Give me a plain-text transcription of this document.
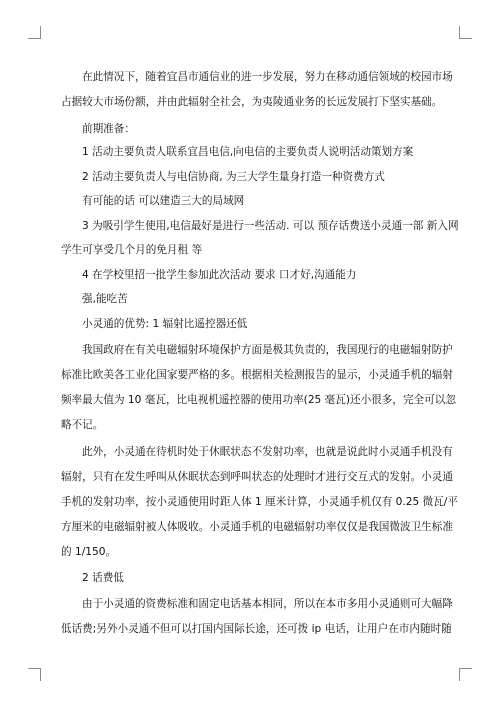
在此情况下，随着宜昌市通信业的进一步发展，努力在移动通信领域的校园市场
占据较大市场份额，并由此辐射全社会，为夷陵通业务的长远发展打下坚实基础。
前期准备：
1 活动主要负责人联系宜昌电信,向电信的主要负责人说明活动策划方案
2 活动主要负责人与电信协商, 为三大学生量身打造一种资费方式
有可能的话 可以建造三大的局域网
3 为吸引学生使用,电信最好是进行一些活动. 可以 预存话费送小灵通一部 新入网
学生可享受几个月的免月租 等
4 在学校里招一批学生参加此次活动 要求 口才好,沟通能力
强,能吃苦
小灵通的优势: 1 辐射比遥控器还低
我国政府在有关电磁辐射环境保护方面是极其负责的，我国现行的电磁辐射防护
标准比欧美各工业化国家要严格的多。根据相关检测报告的显示，小灵通手机的辐射
频率最大值为 10 毫瓦，比电视机遥控器的使用功率(25 毫瓦)还小很多，完全可以忽
略不记。
此外，小灵通在待机时处于休眠状态不发射功率，也就是说此时小灵通手机没有
辐射，只有在发生呼叫从休眠状态到呼叫状态的处理时才进行交互式的发射。小灵通
手机的发射功率，按小灵通使用时距人体 1 厘米计算，小灵通手机仅有 0.25 微瓦/平
方厘米的电磁辐射被人体吸收。小灵通手机的电磁辐射功率仅仅是我国微波卫生标准
的 1/150。
2 话费低
由于小灵通的资费标准和固定电话基本相同，所以在本市多用小灵通则可大幅降
低话费;另外小灵通不但可以打国内国际长途，还可拨 ip 电话，让用户在市内随时随
